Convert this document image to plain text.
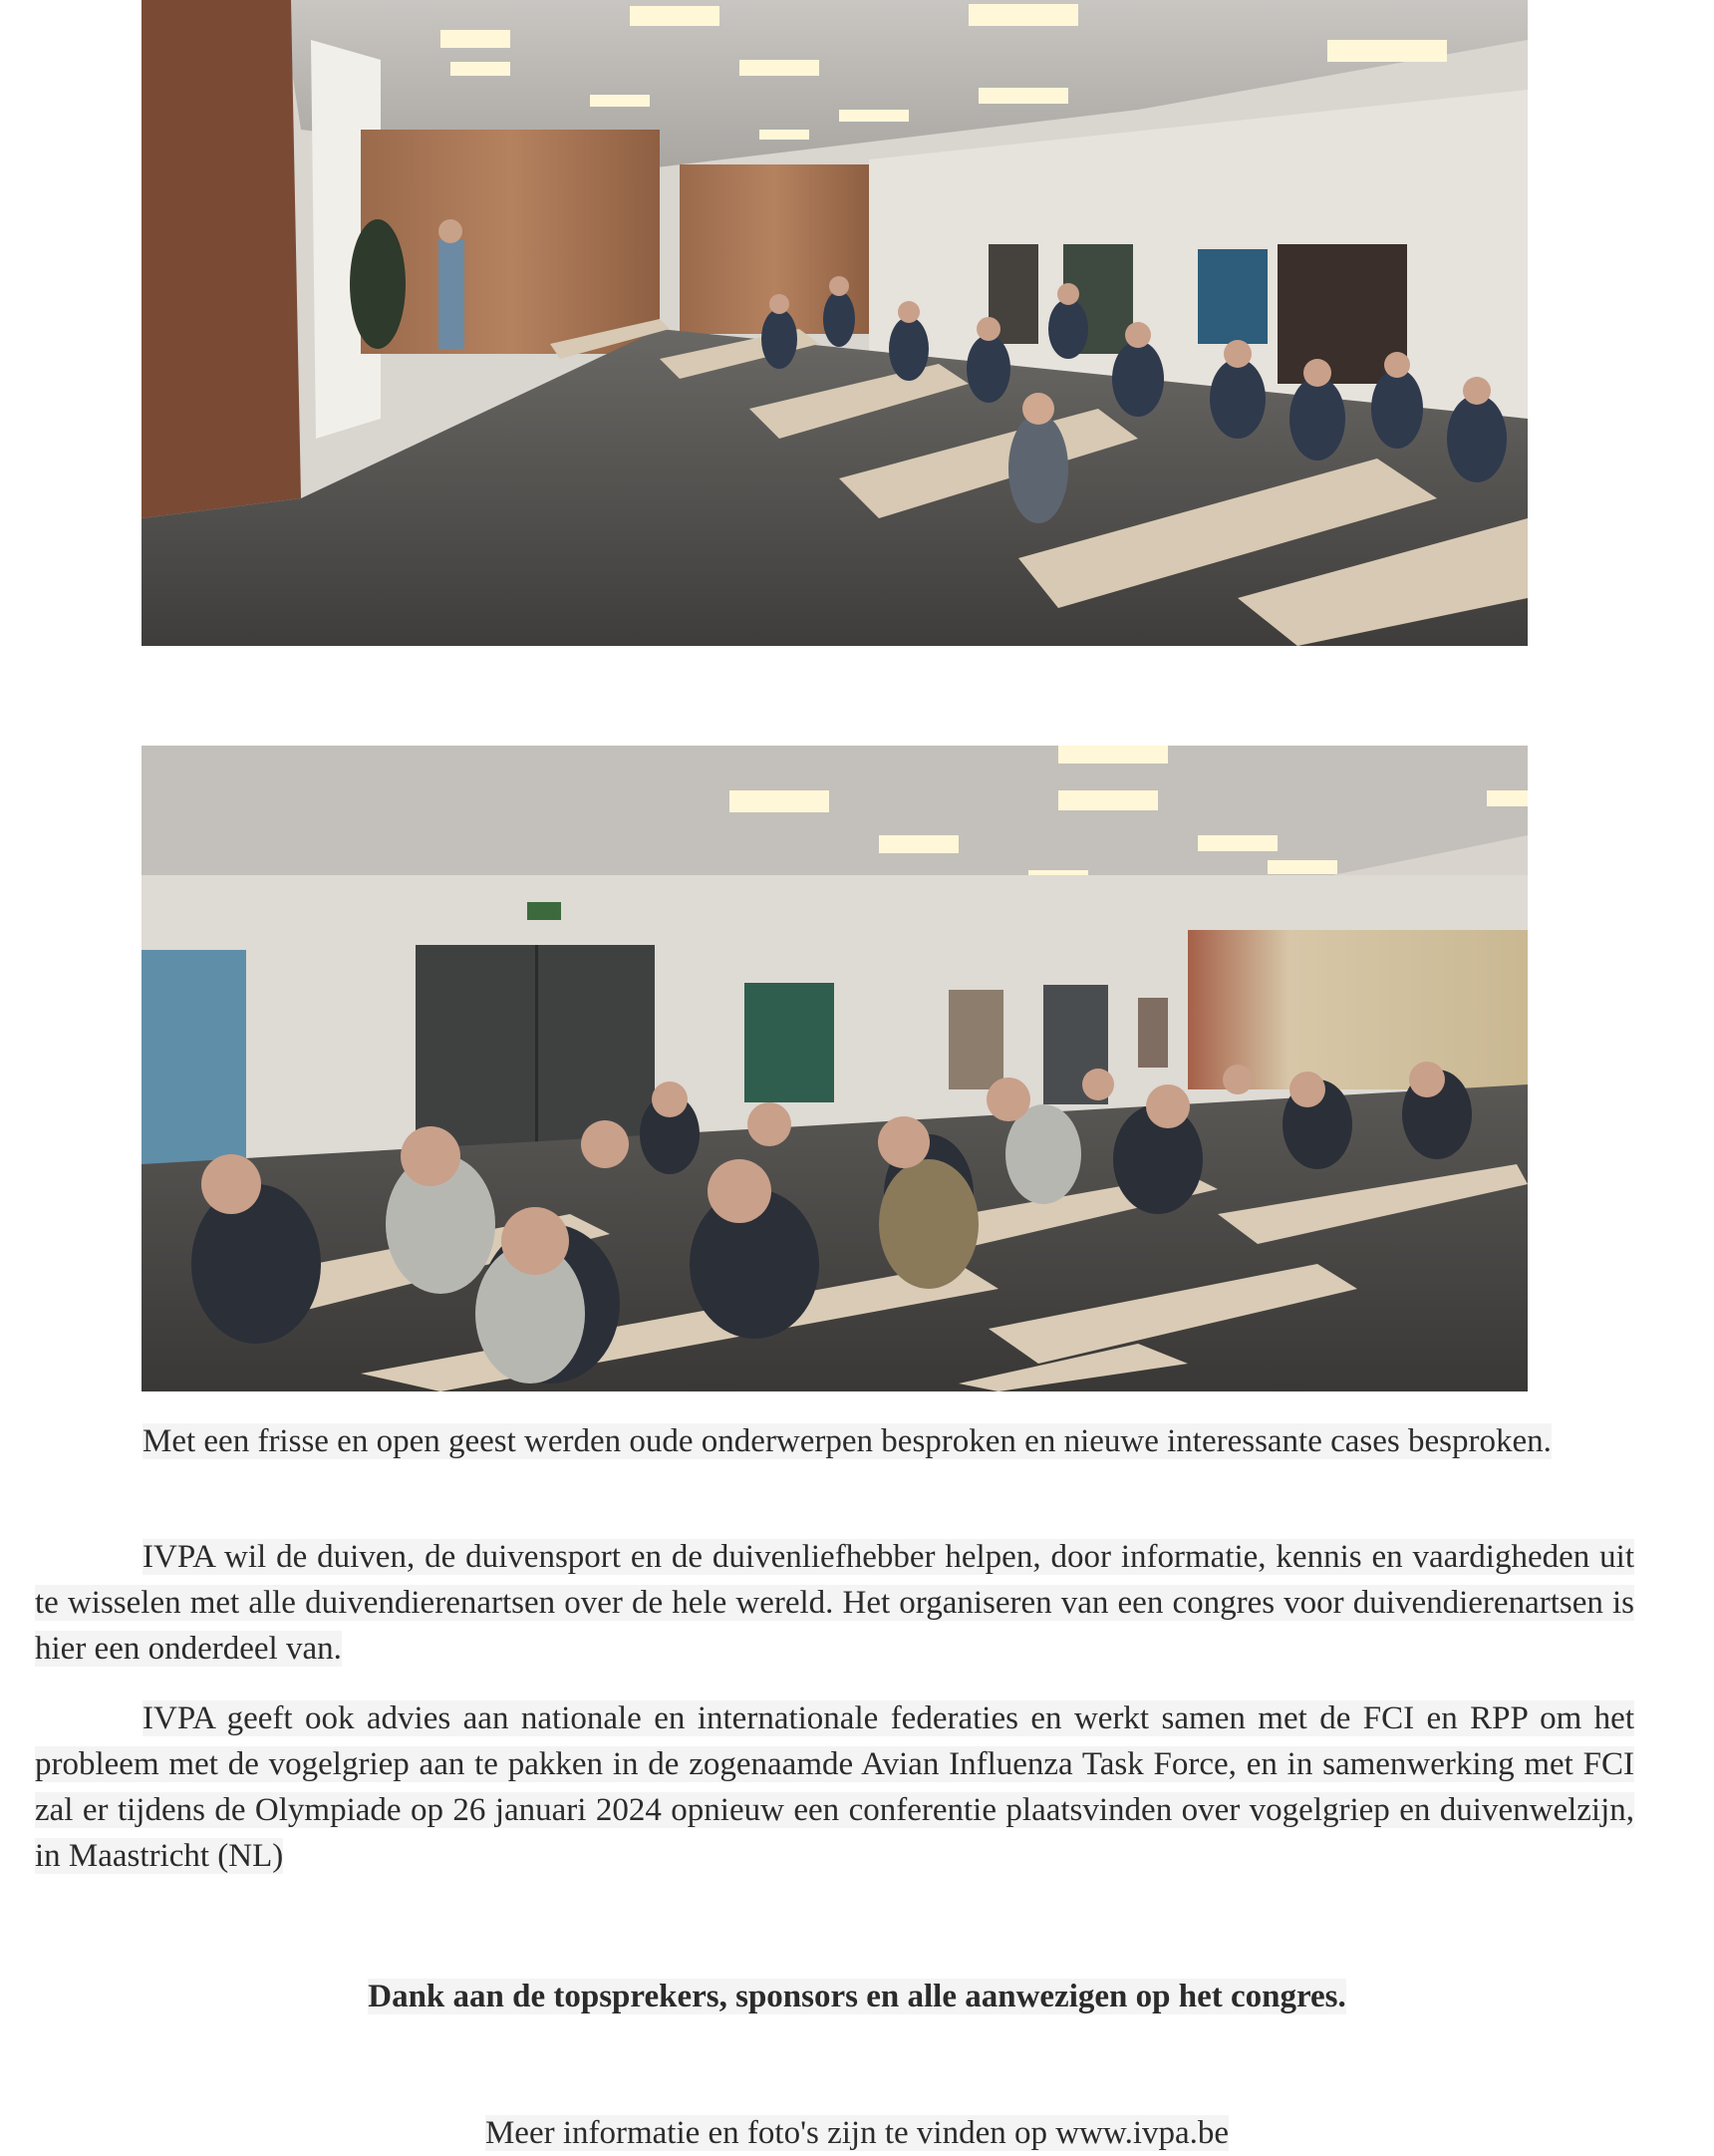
Met een frisse en open geest werden oude onderwerpen besproken en nieuwe interessante cases besproken.

IVPA wil de duiven, de duivensport en de duivenliefhebber helpen, door informatie, kennis en vaardigheden uit te wisselen met alle duivendierenartsen over de hele wereld. Het organiseren van een congres voor duivendierenartsen is hier een onderdeel van.

IVPA geeft ook advies aan nationale en internationale federaties en werkt samen met de FCI en RPP om het probleem met de vogelgriep aan te pakken in de zogenaamde Avian Influenza Task Force, en in samenwerking met FCI zal er tijdens de Olympiade op 26 januari 2024 opnieuw een conferentie plaatsvinden over vogelgriep en duivenwelzijn, in Maastricht (NL)

Dank aan de topsprekers, sponsors en alle aanwezigen op het congres.
Meer informatie en foto's zijn te vinden op www.ivpa.be
